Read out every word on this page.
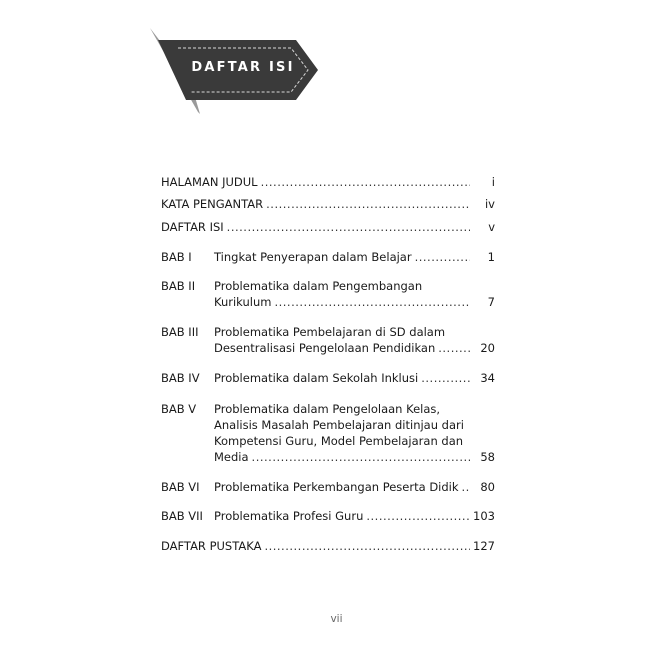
DAFTAR ISI
HALAMAN JUDUL .....	i
KATA PENGANTAR .....	iv
DAFTAR ISI .....	v
BAB I Tingkat Penyerapan dalam Belajar .....	1
BAB II Problematika dalam Pengembangan
Kurikulum .....	7
BAB III Problematika Pembelajaran di SD dalam
Desentralisasi Pengelolaan Pendidikan .....	20
BAB IV Problematika dalam Sekolah Inklusi .....	34
BAB V Problematika dalam Pengelolaan Kelas,
Analisis Masalah Pembelajaran ditinjau dari
Kompetensi Guru, Model Pembelajaran dan
Media .....	58
BAB VI Problematika Perkembangan Peserta Didik .....	80
BAB VII Problematika Profesi Guru .....	103
DAFTAR PUSTAKA .....	127
vii
